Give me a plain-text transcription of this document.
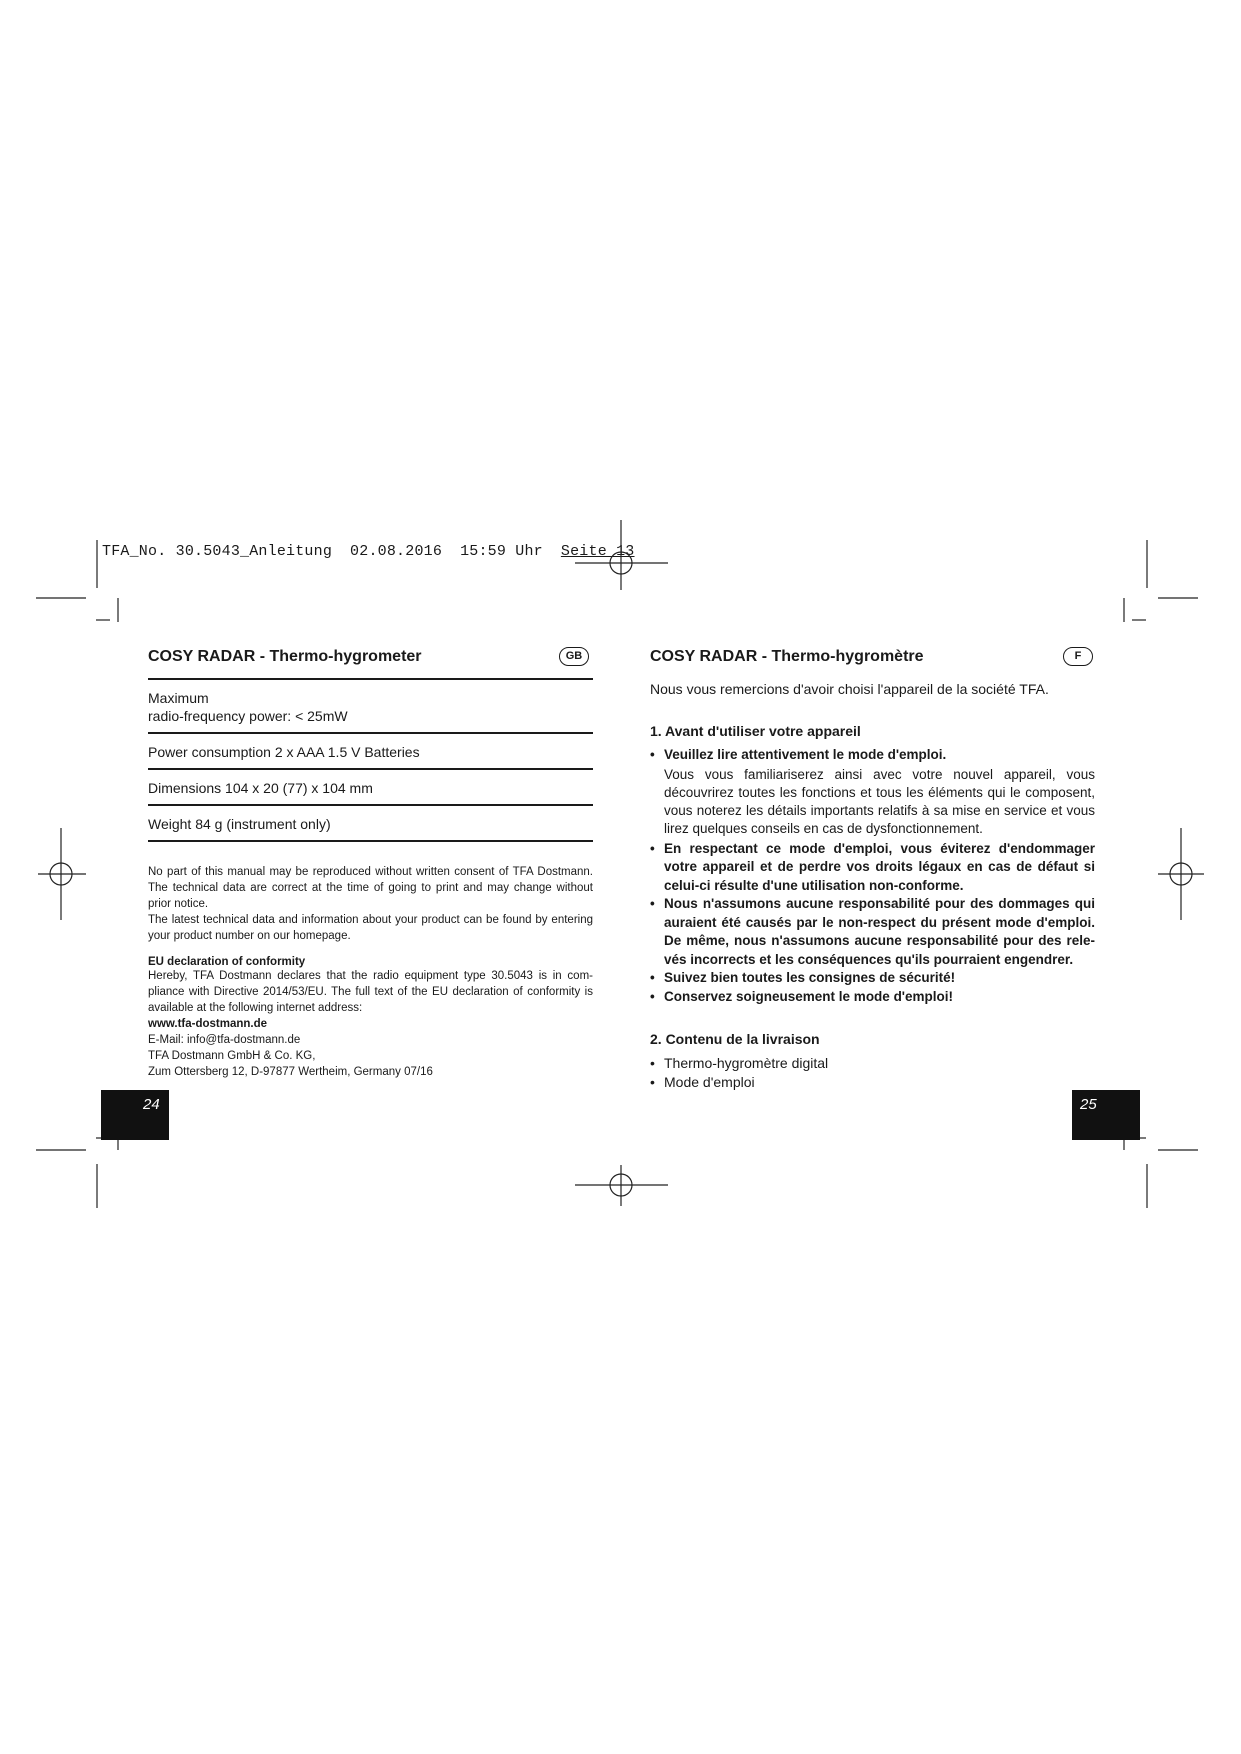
TFA_No. 30.5043_Anleitung 02.08.2016 15:59 Uhr Seite 13
COSY RADAR - Thermo-hygrometer	GB
Maximum
radio-frequency power: < 25mW
Power consumption 2 x AAA 1.5 V Batteries
Dimensions 104 x 20 (77) x 104 mm
Weight 84 g (instrument only)

No part of this manual may be reproduced without written consent of TFA Dostmann. The technical data are correct at the time of going to print and may change without prior notice.

The latest technical data and information about your product can be found by entering your product number on our homepage.

EU declaration of conformity

Hereby, TFA Dostmann declares that the radio equipment type 30.5043 is in compliance with Directive 2014/53/EU. The full text of the EU declaration of conformity is available at the following internet address:

www.tfa-dostmann.de

E-Mail: info@tfa-dostmann.de

TFA Dostmann GmbH & Co. KG,

Zum Ottersberg 12, D-97877 Wertheim, Germany 07/16

24
COSY RADAR - Thermo-hygromètre	F
Nous vous remercions d'avoir choisi l'appareil de la société TFA.
1. Avant d'utiliser votre appareil
• Veuillez lire attentivement le mode d'emploi.
Vous vous familiariserez ainsi avec votre nouvel appareil, vous découvrirez toutes les fonctions et tous les éléments qui le composent, vous noterez les détails importants relatifs à sa mise en service et vous lirez quelques conseils en cas de dysfonctionnement.
• En respectant ce mode d'emploi, vous éviterez d'endommager votre appareil et de perdre vos droits légaux en cas de défaut si celui-ci résulte d'une utilisation non-conforme.
• Nous n'assumons aucune responsabilité pour des dommages qui auraient été causés par le non-respect du présent mode d'emploi. De même, nous n'assumons aucune responsabilité pour des relevés incorrects et les conséquences qu'ils pourraient engendrer.
• Suivez bien toutes les consignes de sécurité!
• Conservez soigneusement le mode d'emploi!
2. Contenu de la livraison
• Thermo-hygromètre digital
• Mode d'emploi
25
